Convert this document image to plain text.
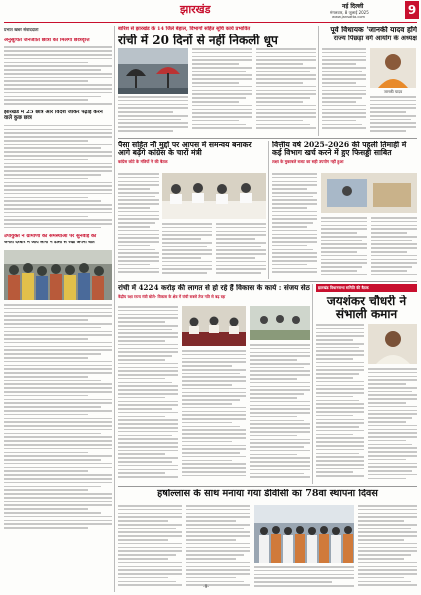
झारखंड	नई दिल्ली
मंगलवार, 8 जुलाई 2025
www.jansatta.com	9
प्रभात खबर संवाददाता
अनुसूचित जनजाति छात्रों को मिलेगी छात्रवृत्ति
झारखंड में 25 छात्र और विदेश जाकर पढ़ाई करने वाले कुछ छात्र
उपायुक्त ने ग्रामीणों की समस्याओं पर सुनवाई की
जनता दरबार में आये लोगों ने डीसी से रखी अपनी बात
बारिश से झारखंड के 14 जिले बेहाल, विभागों सहित सूचि कार्य प्रभावित
रांची में 20 दिनों से नहीं निकली धूप
पूर्व विधायक 'जानकी यादव होंगे
राज्य पिछड़ा वर्ग आयोग के अध्यक्ष
जानकी यादव
पैसा सहित नौ मुद्दों पर आपस में समन्वय बनाकर आगे बढ़ेंगे कांग्रेस के चारों मंत्री
कांग्रेस कोटे के मंत्रियों ने की बैठक
वित्तीय वर्ष 2025-2026 की पहली तिमाही में कई विभाग खर्च करने में हुए फिसड्डी साबित
लक्ष्य के मुकाबले बजट का सही उपयोग नहीं हुआ
रांची में 4224 करोड़ की लागत से हो रहे हैं विकास के कार्य : संजय सेठ
केंद्रीय रक्षा राज्य मंत्री बोले- विकास के क्षेत्र में रांची सबसे तेज गति से बढ़ रहा
झारखंड विधानसभा समिति की बैठक
जयशंकर चौधरी ने संभाली कमान
हर्षोल्लास के साथ मनाया गया डीवीसी का 78वां स्थापना दिवस
-9-
